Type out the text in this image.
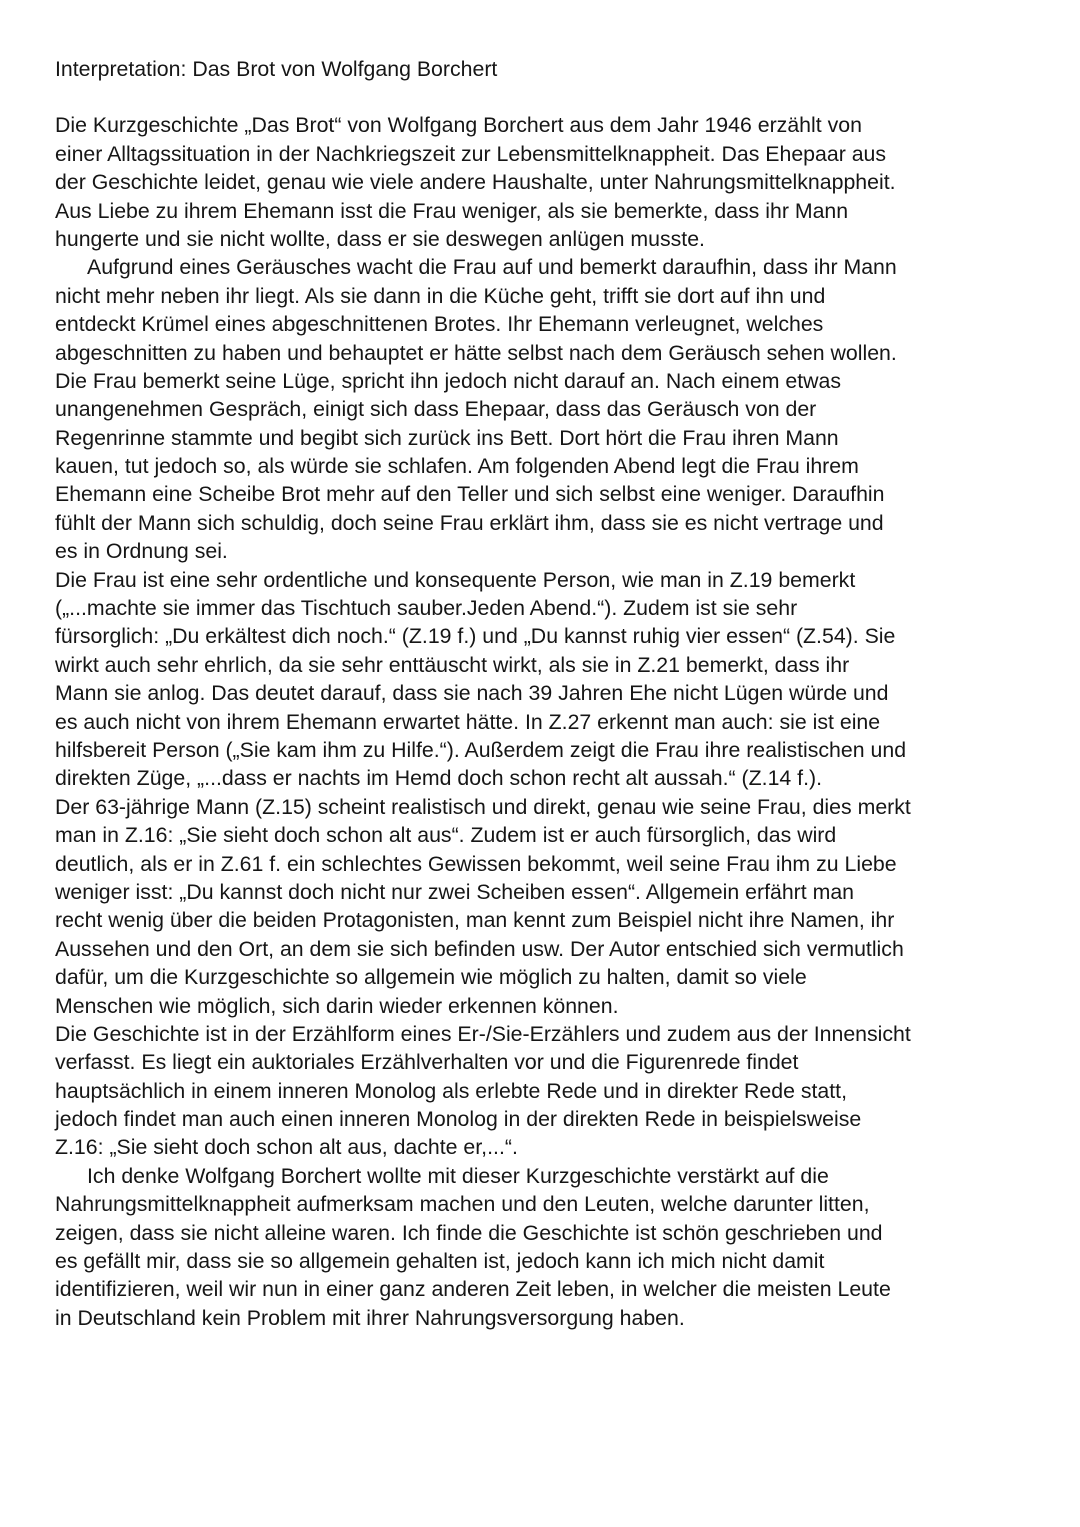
Interpretation: Das Brot von Wolfgang Borchert
Die Kurzgeschichte „Das Brot“ von Wolfgang Borchert aus dem Jahr 1946 erzählt von
einer Alltagssituation in der Nachkriegszeit zur Lebensmittelknappheit. Das Ehepaar aus
der Geschichte leidet, genau wie viele andere Haushalte, unter Nahrungsmittelknappheit.
Aus Liebe zu ihrem Ehemann isst die Frau weniger, als sie bemerkte, dass ihr Mann
hungerte und sie nicht wollte, dass er sie deswegen anlügen musste.
Aufgrund eines Geräusches wacht die Frau auf und bemerkt daraufhin, dass ihr Mann
nicht mehr neben ihr liegt. Als sie dann in die Küche geht, trifft sie dort auf ihn und
entdeckt Krümel eines abgeschnittenen Brotes. Ihr Ehemann verleugnet, welches
abgeschnitten zu haben und behauptet er hätte selbst nach dem Geräusch sehen wollen.
Die Frau bemerkt seine Lüge, spricht ihn jedoch nicht darauf an. Nach einem etwas
unangenehmen Gespräch, einigt sich dass Ehepaar, dass das Geräusch von der
Regenrinne stammte und begibt sich zurück ins Bett. Dort hört die Frau ihren Mann
kauen, tut jedoch so, als würde sie schlafen. Am folgenden Abend legt die Frau ihrem
Ehemann eine Scheibe Brot mehr auf den Teller und sich selbst eine weniger. Daraufhin
fühlt der Mann sich schuldig, doch seine Frau erklärt ihm, dass sie es nicht vertrage und
es in Ordnung sei.
Die Frau ist eine sehr ordentliche und konsequente Person, wie man in Z.19 bemerkt
(„...machte sie immer das Tischtuch sauber.Jeden Abend.“). Zudem ist sie sehr
fürsorglich: „Du erkältest dich noch.“ (Z.19 f.) und „Du kannst ruhig vier essen“ (Z.54). Sie
wirkt auch sehr ehrlich, da sie sehr enttäuscht wirkt, als sie in Z.21 bemerkt, dass ihr
Mann sie anlog. Das deutet darauf, dass sie nach 39 Jahren Ehe nicht Lügen würde und
es auch nicht von ihrem Ehemann erwartet hätte. In Z.27 erkennt man auch: sie ist eine
hilfsbereit Person („Sie kam ihm zu Hilfe.“). Außerdem zeigt die Frau ihre realistischen und
direkten Züge, „...dass er nachts im Hemd doch schon recht alt aussah.“ (Z.14 f.).
Der 63-jährige Mann (Z.15) scheint realistisch und direkt, genau wie seine Frau, dies merkt
man in Z.16: „Sie sieht doch schon alt aus“. Zudem ist er auch fürsorglich, das wird
deutlich, als er in Z.61 f. ein schlechtes Gewissen bekommt, weil seine Frau ihm zu Liebe
weniger isst: „Du kannst doch nicht nur zwei Scheiben essen“. Allgemein erfährt man
recht wenig über die beiden Protagonisten, man kennt zum Beispiel nicht ihre Namen, ihr
Aussehen und den Ort, an dem sie sich befinden usw. Der Autor entschied sich vermutlich
dafür, um die Kurzgeschichte so allgemein wie möglich zu halten, damit so viele
Menschen wie möglich, sich darin wieder erkennen können.
Die Geschichte ist in der Erzählform eines Er-/Sie-Erzählers und zudem aus der Innensicht
verfasst. Es liegt ein auktoriales Erzählverhalten vor und die Figurenrede findet
hauptsächlich in einem inneren Monolog als erlebte Rede und in direkter Rede statt,
jedoch findet man auch einen inneren Monolog in der direkten Rede in beispielsweise
Z.16: „Sie sieht doch schon alt aus, dachte er,...“.
Ich denke Wolfgang Borchert wollte mit dieser Kurzgeschichte verstärkt auf die
Nahrungsmittelknappheit aufmerksam machen und den Leuten, welche darunter litten,
zeigen, dass sie nicht alleine waren. Ich finde die Geschichte ist schön geschrieben und
es gefällt mir, dass sie so allgemein gehalten ist, jedoch kann ich mich nicht damit
identifizieren, weil wir nun in einer ganz anderen Zeit leben, in welcher die meisten Leute
in Deutschland kein Problem mit ihrer Nahrungsversorgung haben.
